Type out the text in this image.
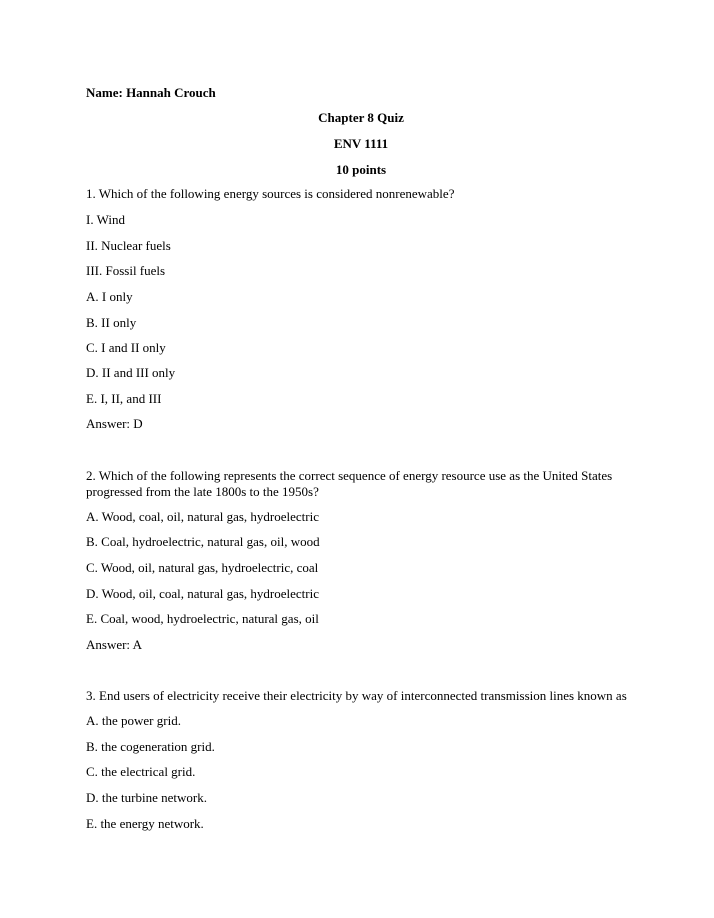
Name: Hannah Crouch
Chapter 8 Quiz
ENV 1111
10 points
1. Which of the following energy sources is considered nonrenewable?
I. Wind
II. Nuclear fuels
III. Fossil fuels
A. I only
B. II only
C. I and II only
D. II and III only
E. I, II, and III
Answer: D
2. Which of the following represents the correct sequence of energy resource use as the United States
progressed from the late 1800s to the 1950s?
A. Wood, coal, oil, natural gas, hydroelectric
B. Coal, hydroelectric, natural gas, oil, wood
C. Wood, oil, natural gas, hydroelectric, coal
D. Wood, oil, coal, natural gas, hydroelectric
E. Coal, wood, hydroelectric, natural gas, oil
Answer: A
3. End users of electricity receive their electricity by way of interconnected transmission lines known as
A. the power grid.
B. the cogeneration grid.
C. the electrical grid.
D. the turbine network.
E. the energy network.
